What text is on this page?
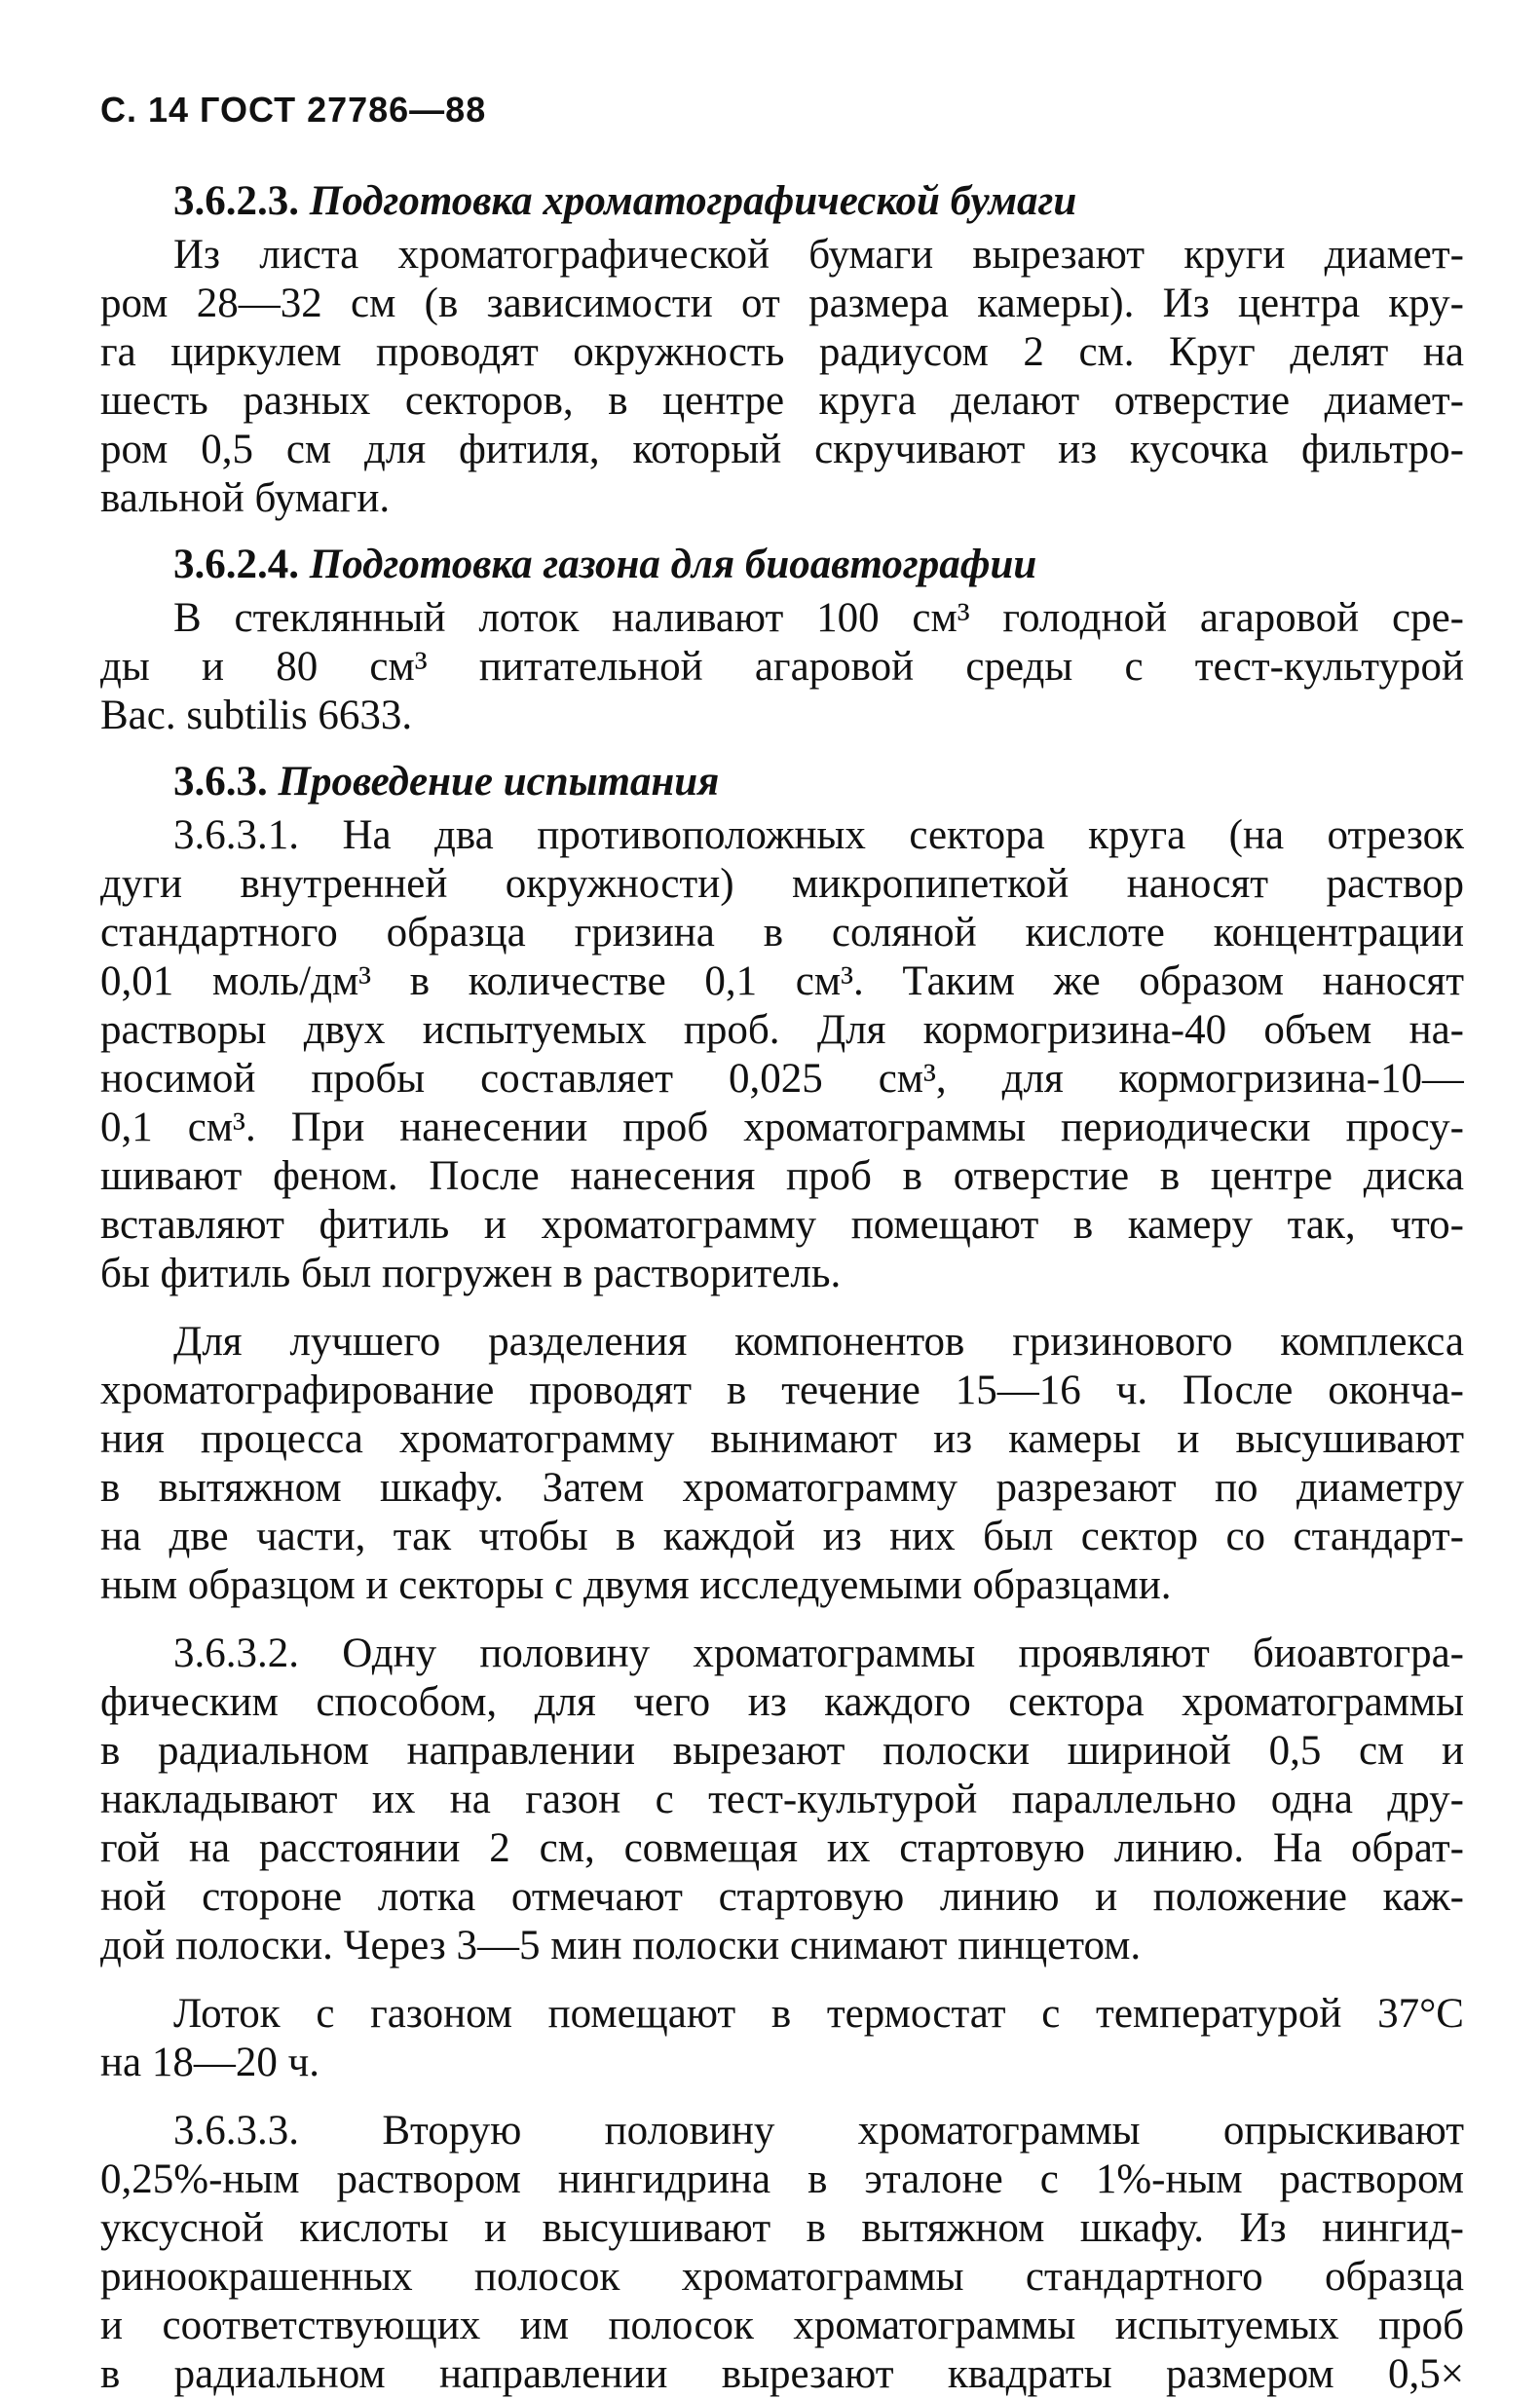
С. 14 ГОСТ 27786—88
3.6.2.3. Подготовка хроматографической бумаги

Из листа хроматографической бумаги вырезают круги диамет-
ром 28—32 см (в зависимости от размера камеры). Из центра кру-
га циркулем проводят окружность радиусом 2 см. Круг делят на
шесть разных секторов, в центре круга делают отверстие диамет-
ром 0,5 см для фитиля, который скручивают из кусочка фильтро-
вальной бумаги.

3.6.2.4. Подготовка газона для биоавтографии

В стеклянный лоток наливают 100 см³ голодной агаровой сре-
ды и 80 см³ питательной агаровой среды с тест-культурой
Bac. subtilis 6633.

3.6.3. Проведение испытания

3.6.3.1. На два противоположных сектора круга (на отрезок
дуги внутренней окружности) микропипеткой наносят раствор
стандартного образца гризина в соляной кислоте концентрации
0,01 моль/дм³ в количестве 0,1 см³. Таким же образом наносят
растворы двух испытуемых проб. Для кормогризина-40 объем на-
носимой пробы составляет 0,025 см³, для кормогризина-10—
0,1 см³. При нанесении проб хроматограммы периодически просу-
шивают феном. После нанесения проб в отверстие в центре диска
вставляют фитиль и хроматограмму помещают в камеру так, что-
бы фитиль был погружен в растворитель.

Для лучшего разделения компонентов гризинового комплекса
хроматографирование проводят в течение 15—16 ч. После оконча-
ния процесса хроматограмму вынимают из камеры и высушивают
в вытяжном шкафу. Затем хроматограмму разрезают по диаметру
на две части, так чтобы в каждой из них был сектор со стандарт-
ным образцом и секторы с двумя исследуемыми образцами.

3.6.3.2. Одну половину хроматограммы проявляют биоавтогра-
фическим способом, для чего из каждого сектора хроматограммы
в радиальном направлении вырезают полоски шириной 0,5 см и
накладывают их на газон с тест-культурой параллельно одна дру-
гой на расстоянии 2 см, совмещая их стартовую линию. На обрат-
ной стороне лотка отмечают стартовую линию и положение каж-
дой полоски. Через 3—5 мин полоски снимают пинцетом.

Лоток с газоном помещают в термостат с температурой 37°С
на 18—20 ч.

3.6.3.3. Вторую половину хроматограммы опрыскивают
0,25%-ным раствором нингидрина в эталоне с 1%-ным раствором
уксусной кислоты и высушивают в вытяжном шкафу. Из нингид-
риноокрашенных полосок хроматограммы стандартного образца
и соответствующих им полосок хроматограммы испытуемых проб
в радиальном направлении вырезают квадраты размером 0,5×
